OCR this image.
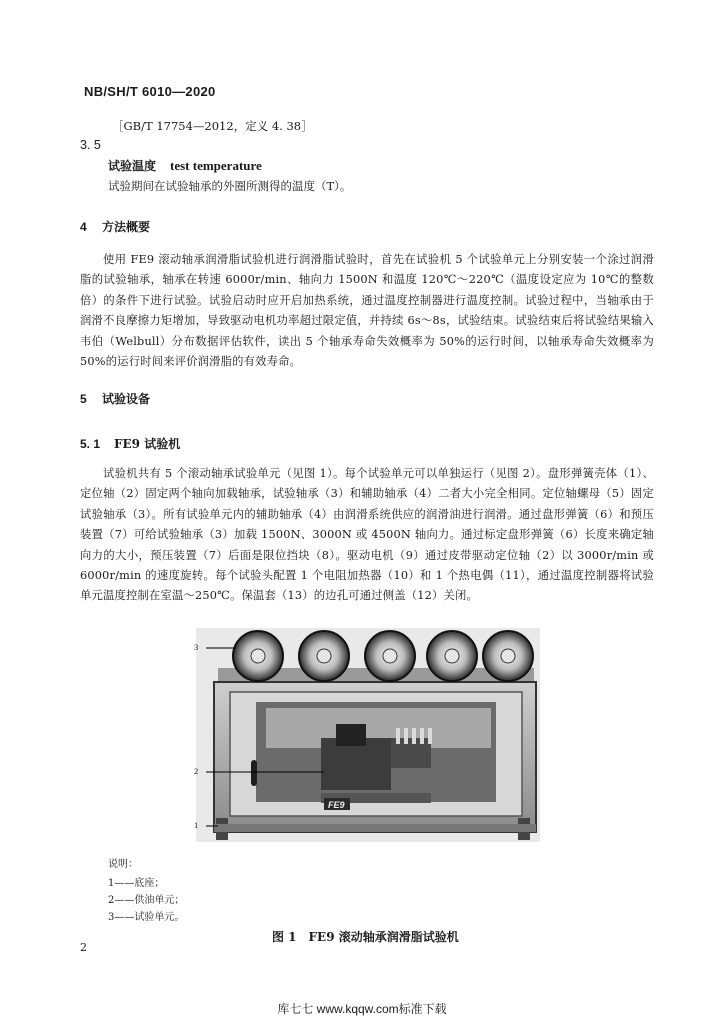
NB/SH/T 6010—2020
［GB/T 17754—2012，定义 4. 38］
3. 5
试验温度 test temperature
试验期间在试验轴承的外圈所测得的温度（T）。
4 方法概要

使用 FE9 滚动轴承润滑脂试验机进行润滑脂试验时，首先在试验机 5 个试验单元上分别安装一个涂过润滑脂的试验轴承，轴承在转速 6000r/min、轴向力 1500N 和温度 120℃～220℃（温度设定应为 10℃的整数倍）的条件下进行试验。试验启动时应开启加热系统，通过温度控制器进行温度控制。试验过程中，当轴承由于润滑不良摩擦力矩增加，导致驱动电机功率超过限定值，并持续 6s～8s，试验结束。试验结束后将试验结果输入韦伯（Welbull）分布数据评估软件，读出 5 个轴承寿命失效概率为 50%的运行时间，以轴承寿命失效概率为 50%的运行时间来评价润滑脂的有效寿命。

5 试验设备
5. 1 FE9 试验机

试验机共有 5 个滚动轴承试验单元（见图 1）。每个试验单元可以单独运行（见图 2）。盘形弹簧壳体（1）、定位轴（2）固定两个轴向加载轴承，试验轴承（3）和辅助轴承（4）二者大小完全相同。定位轴螺母（5）固定试验轴承（3）。所有试验单元内的辅助轴承（4）由润滑系统供应的润滑油进行润滑。通过盘形弹簧（6）和预压装置（7）可给试验轴承（3）加载 1500N、3000N 或 4500N 轴向力。通过标定盘形弹簧（6）长度来确定轴向力的大小，预压装置（7）后面是限位挡块（8）。驱动电机（9）通过皮带驱动定位轴（2）以 3000r/min 或 6000r/min 的速度旋转。每个试验头配置 1 个电阻加热器（10）和 1 个热电偶（11），通过温度控制器将试验单元温度控制在室温～250℃。保温套（13）的边孔可通过侧盖（12）关闭。

FE9
3
2
1
说明：
1——底座；
2——供油单元；
3——试验单元。
图 1　FE9 滚动轴承润滑脂试验机
2
库七七 www.kqqw.com标准下载
